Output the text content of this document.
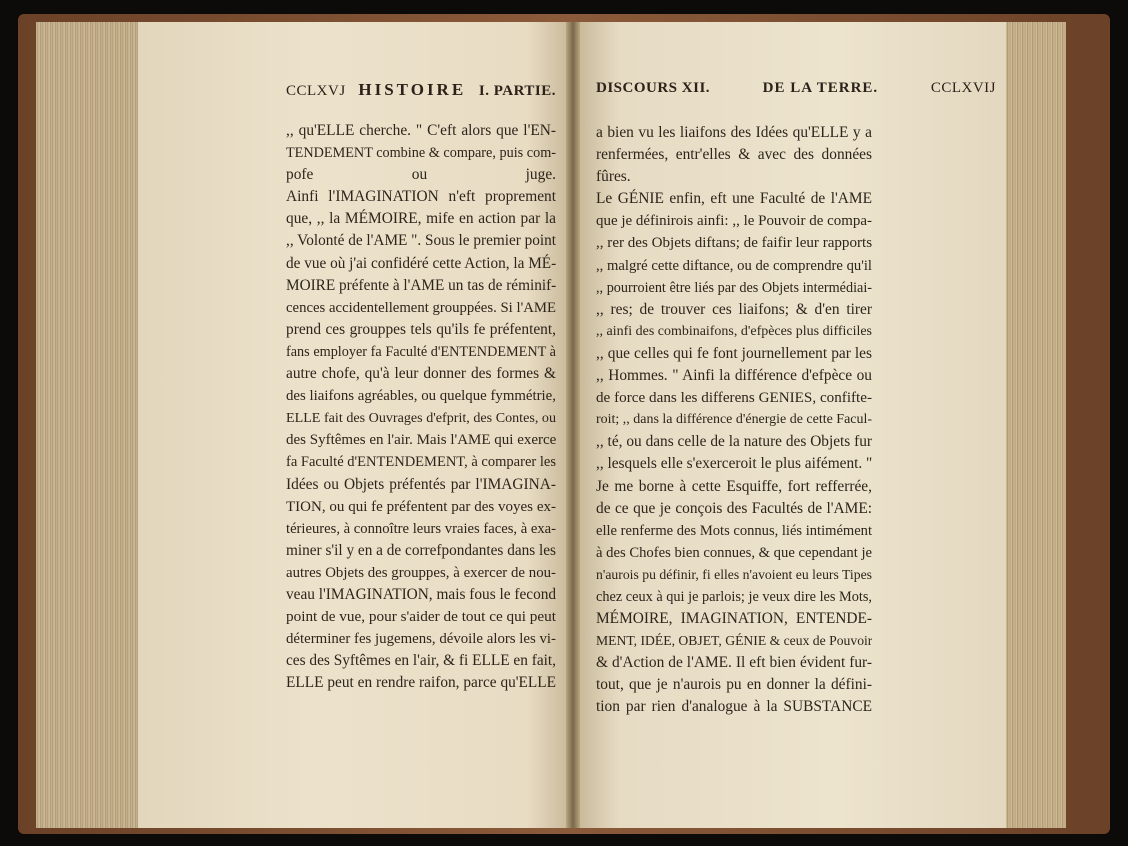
CCLXVJ HISTOIRE I. PARTIE.
,, qu'ELLE cherche. " C'eft alors que l'EN-
TENDEMENT combine & compare, puis com-
pofe ou juge.
Ainfi l'IMAGINATION n'eft proprement
que, ,, la MÉMOIRE, mife en action par la
,, Volonté de l'AME ". Sous le premier point
de vue où j'ai confidéré cette Action, la MÉ-
MOIRE préfente à l'AME un tas de réminif-
cences accidentellement grouppées. Si l'AME
prend ces grouppes tels qu'ils fe préfentent,
fans employer fa Faculté d'ENTENDEMENT à
autre chofe, qu'à leur donner des formes &
des liaifons agréables, ou quelque fymmétrie,
ELLE fait des Ouvrages d'efprit, des Contes, ou
des Syftêmes en l'air. Mais l'AME qui exerce
fa Faculté d'ENTENDEMENT, à comparer les
Idées ou Objets préfentés par l'IMAGINA-
TION, ou qui fe préfentent par des voyes ex-
térieures, à connoître leurs vraies faces, à exa-
miner s'il y en a de correfpondantes dans les
autres Objets des grouppes, à exercer de nou-
veau l'IMAGINATION, mais fous le fecond
point de vue, pour s'aider de tout ce qui peut
déterminer fes jugemens, dévoile alors les vi-
ces des Syftêmes en l'air, & fi ELLE en fait,
ELLE peut en rendre raifon, parce qu'ELLE
DISCOURS XII.	DE LA TERRE.	CCLXVIJ
a bien vu les liaifons des Idées qu'ELLE y a
renfermées, entr'elles & avec des données
fûres.
Le GÉNIE enfin, eft une Faculté de l'AME
que je définirois ainfi: ,, le Pouvoir de compa-
,, rer des Objets diftans; de faifir leur rapports
,, malgré cette diftance, ou de comprendre qu'il
,, pourroient être liés par des Objets intermédiai-
,, res; de trouver ces liaifons; & d'en tirer
,, ainfi des combinaifons, d'efpèces plus difficiles
,, que celles qui fe font journellement par les
,, Hommes. " Ainfi la différence d'efpèce ou
de force dans les differens GENIES, confifte-
roit; ,, dans la différence d'énergie de cette Facul-
,, té, ou dans celle de la nature des Objets fur
,, lesquels elle s'exerceroit le plus aifément. "
Je me borne à cette Esquiffe, fort refferrée,
de ce que je conçois des Facultés de l'AME:
elle renferme des Mots connus, liés intimément
à des Chofes bien connues, & que cependant je
n'aurois pu définir, fi elles n'avoient eu leurs Tipes
chez ceux à qui je parlois; je veux dire les Mots,
MÉMOIRE, IMAGINATION, ENTENDE-
MENT, IDÉE, OBJET, GÉNIE & ceux de Pouvoir
& d'Action de l'AME. Il eft bien évident fur-
tout, que je n'aurois pu en donner la défini-
tion par rien d'analogue à la SUBSTANCE
